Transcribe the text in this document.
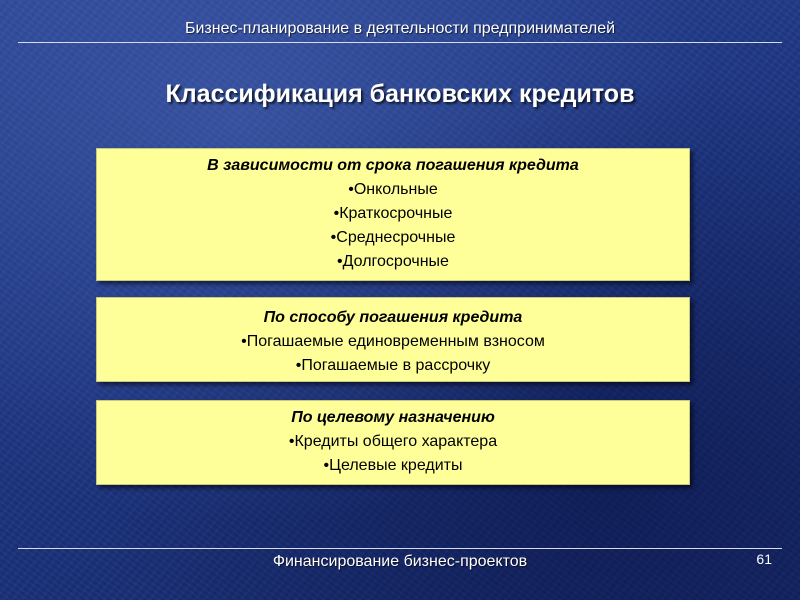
Бизнес-планирование в деятельности предпринимателей
Классификация банковских кредитов
В зависимости от срока погашения кредита
•Онкольные
•Краткосрочные
•Среднесрочные
•Долгосрочные
По способу погашения кредита
•Погашаемые единовременным взносом
•Погашаемые в рассрочку
По целевому назначению
•Кредиты общего характера
•Целевые кредиты
Финансирование бизнес-проектов	61
